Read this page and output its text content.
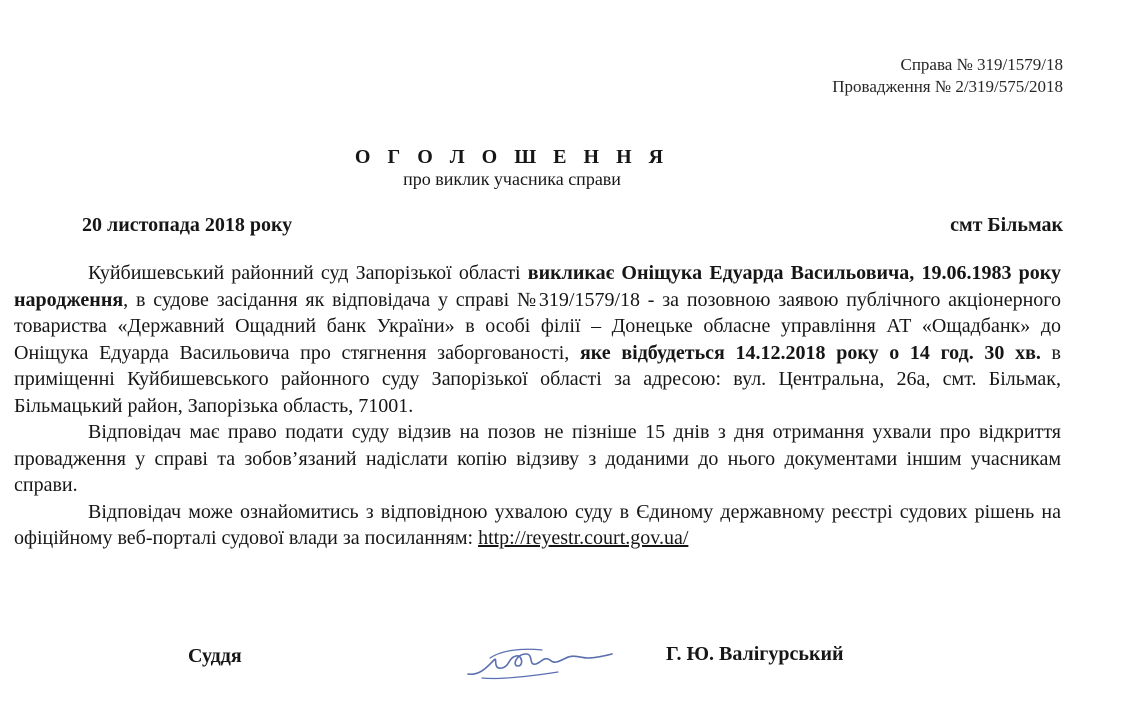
Справа № 319/1579/18
Провадження № 2/319/575/2018
О Г О Л О Ш Е Н Н Я
про виклик учасника справи
20 листопада 2018 року	смт Більмак

Куйбишевський районний суд Запорізької області викликає Оніщука Едуарда Васильовича, 19.06.1983 року народження, в судове засідання як відповідача у справі №319/1579/18 - за позовною заявою публічного акціонерного товариства «Державний Ощадний банк України» в особі філії – Донецьке обласне управління АТ «Ощадбанк» до Оніщука Едуарда Васильовича про стягнення заборгованості, яке відбудеться 14.12.2018 року о 14 год. 30 хв. в приміщенні Куйбишевського районного суду Запорізької області за адресою: вул. Центральна, 26а, смт. Більмак, Більмацький район, Запорізька область, 71001.

Відповідач має право подати суду відзив на позов не пізніше 15 днів з дня отримання ухвали про відкриття провадження у справі та зобов’язаний надіслати копію відзиву з доданими до нього документами іншим учасникам справи.

Відповідач може ознайомитись з відповідною ухвалою суду в Єдиному державному реєстрі судових рішень на офіційному веб-порталі судової влади за посиланням: http://reyestr.court.gov.ua/

Суддя	Г. Ю. Валігурський
